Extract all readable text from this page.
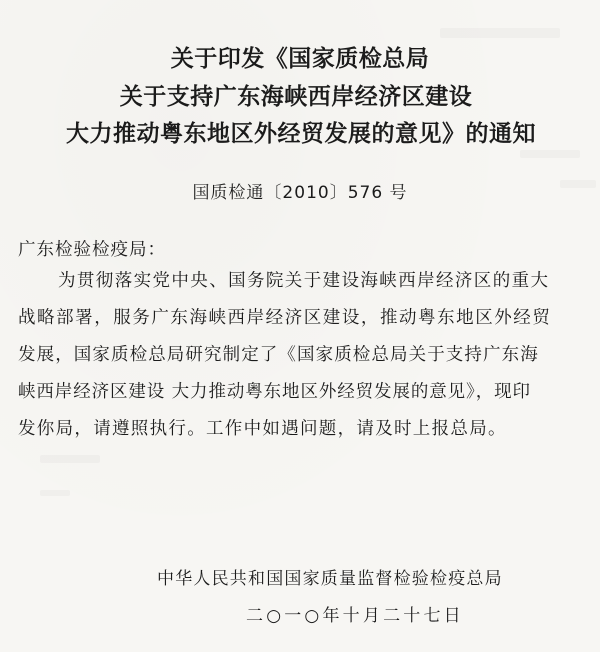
关于印发《国家质检总局
关于支持广东海峡西岸经济区建设
大力推动粤东地区外经贸发展的意见》的通知
国质检通〔2010〕576 号
广东检验检疫局：
为贯彻落实党中央、国务院关于建设海峡西岸经济区的重大
战略部署，服务广东海峡西岸经济区建设，推动粤东地区外经贸
发展，国家质检总局研究制定了《国家质检总局关于支持广东海
峡西岸经济区建设 大力推动粤东地区外经贸发展的意见》，现印
发你局，请遵照执行。工作中如遇问题，请及时上报总局。
中华人民共和国国家质量监督检验检疫总局
二○一○年十月二十七日
